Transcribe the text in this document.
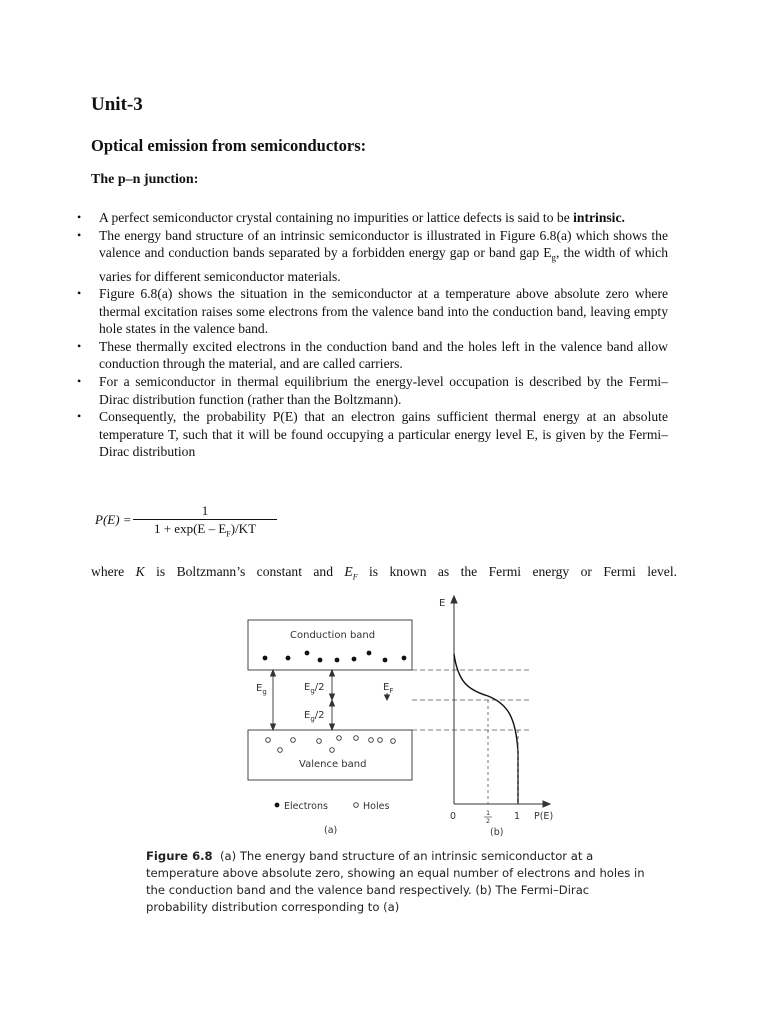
Unit-3
Optical emission from semiconductors:
The p–n junction:
• A perfect semiconductor crystal containing no impurities or lattice defects is said to be intrinsic.
• The energy band structure of an intrinsic semiconductor is illustrated in Figure 6.8(a) which shows the valence and conduction bands separated by a forbidden energy gap or band gap $E_g$, the width of which varies for different semiconductor materials.
• Figure 6.8(a) shows the situation in the semiconductor at a temperature above absolute zero where thermal excitation raises some electrons from the valence band into the conduction band, leaving empty hole states in the valence band.
• These thermally excited electrons in the conduction band and the holes left in the valence band allow conduction through the material, and are called carriers.
• For a semiconductor in thermal equilibrium the energy-level occupation is described by the Fermi–Dirac distribution function (rather than the Boltzmann).
• Consequently, the probability P(E) that an electron gains sufficient thermal energy at an absolute temperature T, such that it will be found occupying a particular energy level E, is given by the Fermi–Dirac distribution
P(E) =
1
$1 + \exp(E - E_F)/KT$

where K is Boltzmann’s constant and $E_F$ is known as the Fermi energy or Fermi level.

Conduction band
Valence band
$E_g$	$E_g/2$
$E_g/2$
$E_F$
E
0	1
2	1 P(E)
Electrons	Holes
(a)	(b)

Figure 6.8 (a) The energy band structure of an intrinsic semiconductor at a temperature above absolute zero, showing an equal number of electrons and holes in the conduction band and the valence band respectively. (b) The Fermi–Dirac probability distribution corresponding to (a)
